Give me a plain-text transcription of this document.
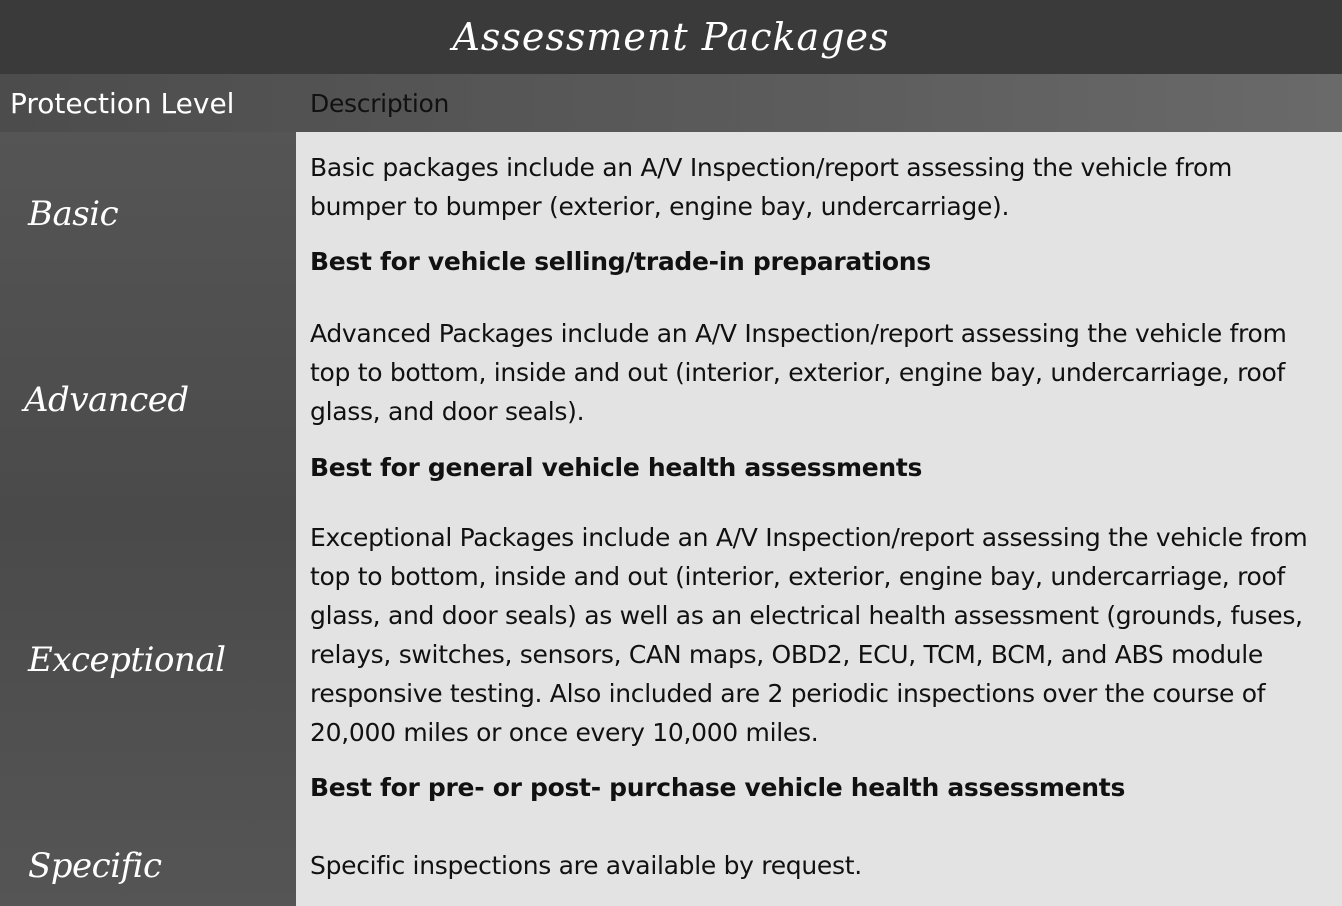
Assessment Packages
Protection Level	Description
Basic
Advanced
Exceptional
Specific

Basic packages include an A/V Inspection/report assessing the vehicle from bumper to bumper (exterior, engine bay, undercarriage).

Best for vehicle selling/trade-in preparations

Advanced Packages include an A/V Inspection/report assessing the vehicle from top to bottom, inside and out (interior, exterior, engine bay, undercarriage, roof glass, and door seals).

Best for general vehicle health assessments

Exceptional Packages include an A/V Inspection/report assessing the vehicle from top to bottom, inside and out (interior, exterior, engine bay, undercarriage, roof glass, and door seals) as well as an electrical health assessment (grounds, fuses, relays, switches, sensors, CAN maps, OBD2, ECU, TCM, BCM, and ABS module responsive testing. Also included are 2 periodic inspections over the course of 20,000 miles or once every 10,000 miles.

Best for pre- or post- purchase vehicle health assessments

Specific inspections are available by request.
